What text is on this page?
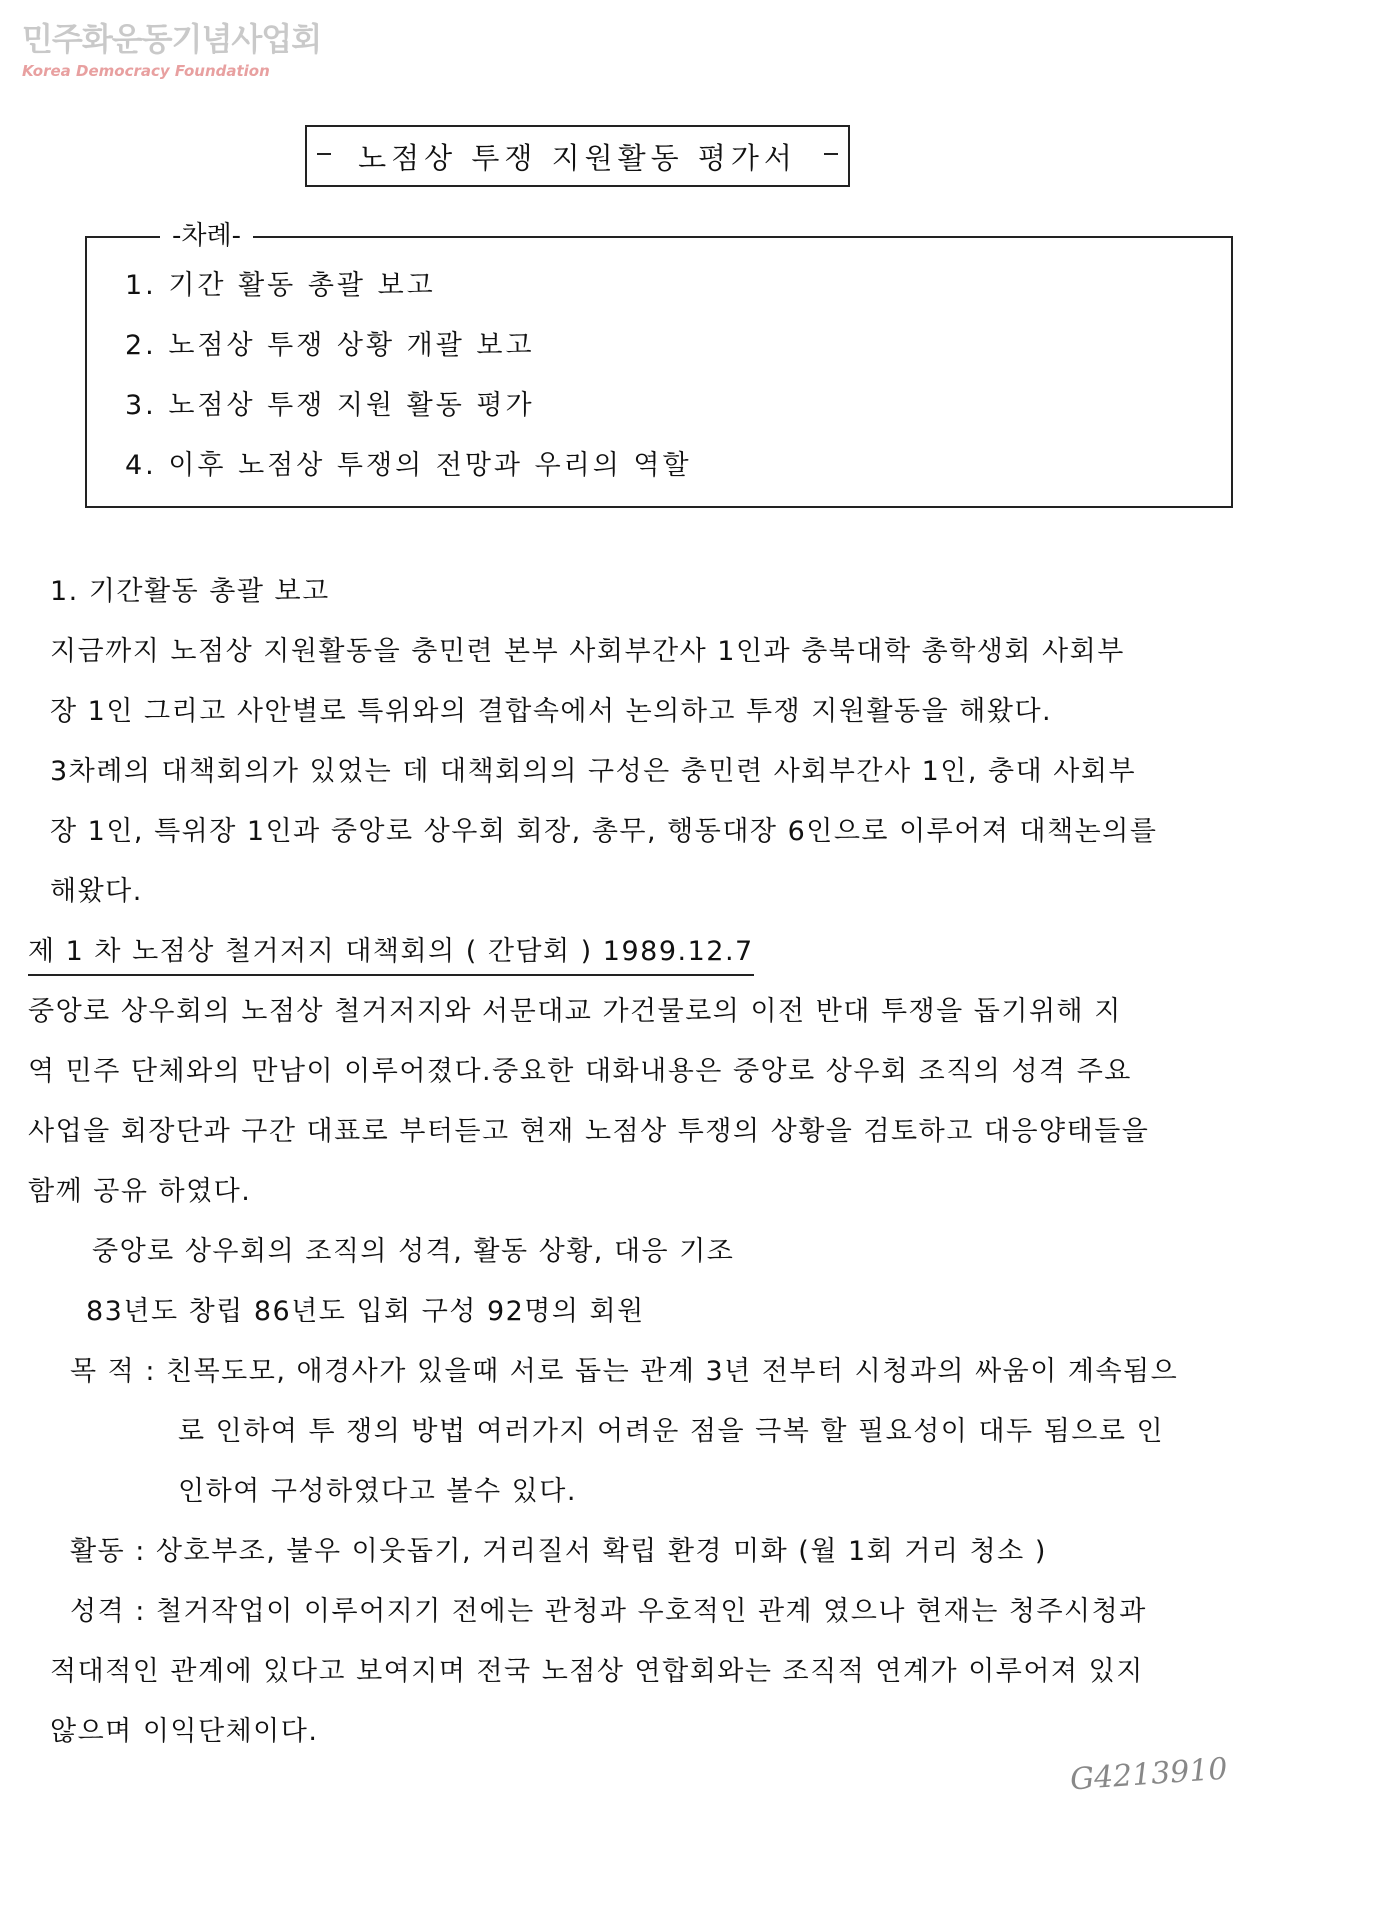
민주화운동기념사업회
Korea Democracy Foundation
ᅟ
노점상 투쟁 지원활동 평가서
-차례-
1. 기간 활동 총괄 보고
2. 노점상 투쟁 상황 개괄 보고
3. 노점상 투쟁 지원 활동 평가
4. 이후 노점상 투쟁의 전망과 우리의 역할
1. 기간활동 총괄 보고
지금까지 노점상 지원활동을 충민련 본부 사회부간사 1인과 충북대학 총학생회 사회부
장 1인 그리고 사안별로 특위와의 결합속에서 논의하고 투쟁 지원활동을 해왔다.
3차례의 대책회의가 있었는 데 대책회의의 구성은 충민련 사회부간사 1인, 충대 사회부
장 1인, 특위장 1인과 중앙로 상우회 회장, 총무, 행동대장 6인으로 이루어져 대책논의를
해왔다.
제 1 차 노점상 철거저지 대책회의 ( 간담회 ) 1989.12.7
중앙로 상우회의 노점상 철거저지와 서문대교 가건물로의 이전 반대 투쟁을 돕기위해 지
역 민주 단체와의 만남이 이루어졌다.중요한 대화내용은 중앙로 상우회 조직의 성격 주요
사업을 회장단과 구간 대표로 부터듣고 현재 노점상 투쟁의 상황을 검토하고 대응양태들을
함께 공유 하였다.
중앙로 상우회의 조직의 성격, 활동 상황, 대응 기조
83년도 창립 86년도 입회 구성 92명의 회원
목 적 : 친목도모, 애경사가 있을때 서로 돕는 관계 3년 전부터 시청과의 싸움이 계속됨으
로 인하여 투 쟁의 방법 여러가지 어려운 점을 극복 할 필요성이 대두 됨으로 인
인하여 구성하였다고 볼수 있다.
활동 : 상호부조, 불우 이웃돕기, 거리질서 확립 환경 미화 (월 1회 거리 청소 )
성격 : 철거작업이 이루어지기 전에는 관청과 우호적인 관계 였으나 현재는 청주시청과
적대적인 관계에 있다고 보여지며 전국 노점상 연합회와는 조직적 연계가 이루어져 있지
않으며 이익단체이다.
G4213910
